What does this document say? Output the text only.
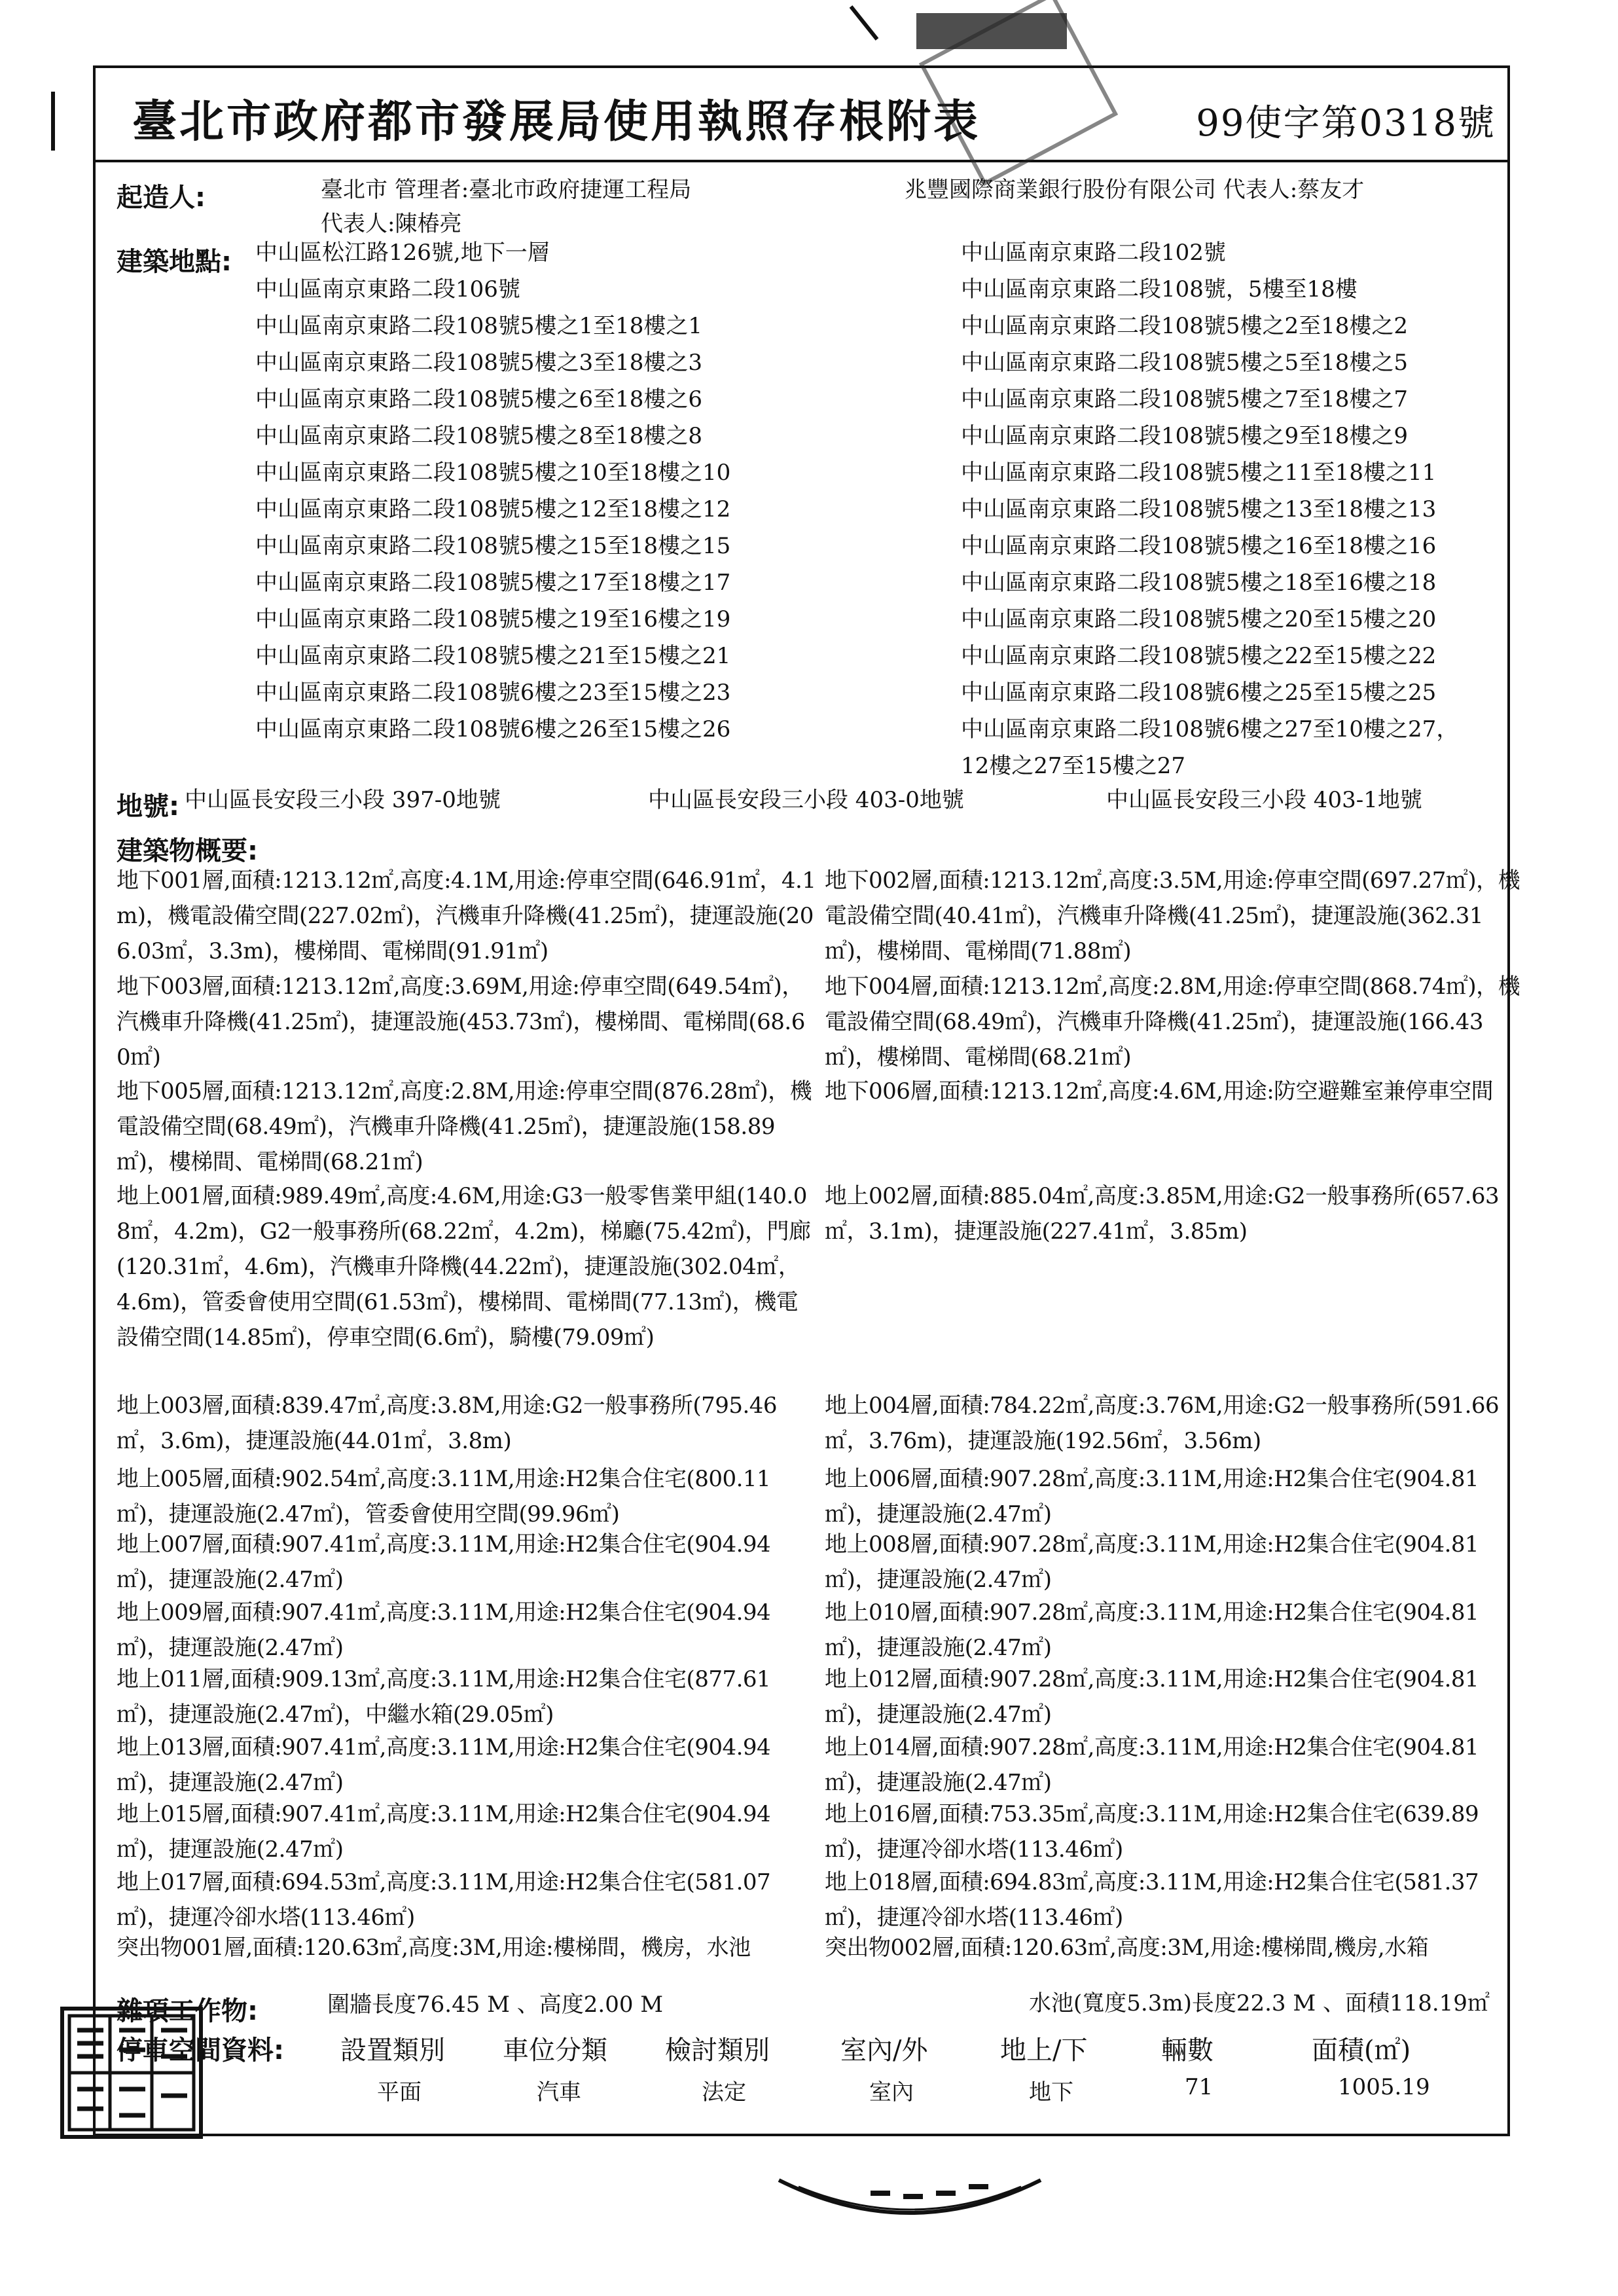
臺北市政府都市發展局使用執照存根附表	99使字第0318號
起造人:	臺北市 管理者:臺北市政府捷運工程局
代表人:陳椿亮
兆豐國際商業銀行股份有限公司 代表人:蔡友才
建築地點: 中山區松江路126號,地下一層
中山區南京東路二段106號
中山區南京東路二段108號5樓之1至18樓之1
中山區南京東路二段108號5樓之3至18樓之3
中山區南京東路二段108號5樓之6至18樓之6
中山區南京東路二段108號5樓之8至18樓之8
中山區南京東路二段108號5樓之10至18樓之10
中山區南京東路二段108號5樓之12至18樓之12
中山區南京東路二段108號5樓之15至18樓之15
中山區南京東路二段108號5樓之17至18樓之17
中山區南京東路二段108號5樓之19至16樓之19
中山區南京東路二段108號5樓之21至15樓之21
中山區南京東路二段108號6樓之23至15樓之23
中山區南京東路二段108號6樓之26至15樓之26
中山區南京東路二段102號
中山區南京東路二段108號，5樓至18樓
中山區南京東路二段108號5樓之2至18樓之2
中山區南京東路二段108號5樓之5至18樓之5
中山區南京東路二段108號5樓之7至18樓之7
中山區南京東路二段108號5樓之9至18樓之9
中山區南京東路二段108號5樓之11至18樓之11
中山區南京東路二段108號5樓之13至18樓之13
中山區南京東路二段108號5樓之16至18樓之16
中山區南京東路二段108號5樓之18至16樓之18
中山區南京東路二段108號5樓之20至15樓之20
中山區南京東路二段108號5樓之22至15樓之22
中山區南京東路二段108號6樓之25至15樓之25
中山區南京東路二段108號6樓之27至10樓之27，
12樓之27至15樓之27
地號: 中山區長安段三小段 397-0地號	中山區長安段三小段 403-0地號	中山區長安段三小段 403-1地號
建築物概要:
地下001層,面積:1213.12㎡,高度:4.1M,用途:停車空間(646.91㎡，4.1m)，機電設備空間(227.02㎡)，汽機車升降機(41.25㎡)，捷運設施(206.03㎡，3.3m)，樓梯間、電梯間(91.91㎡)
地下002層,面積:1213.12㎡,高度:3.5M,用途:停車空間(697.27㎡)，機電設備空間(40.41㎡)，汽機車升降機(41.25㎡)，捷運設施(362.31㎡)，樓梯間、電梯間(71.88㎡)
地下003層,面積:1213.12㎡,高度:3.69M,用途:停車空間(649.54㎡)，汽機車升降機(41.25㎡)，捷運設施(453.73㎡)，樓梯間、電梯間(68.60㎡)
地下004層,面積:1213.12㎡,高度:2.8M,用途:停車空間(868.74㎡)，機電設備空間(68.49㎡)，汽機車升降機(41.25㎡)，捷運設施(166.43㎡)，樓梯間、電梯間(68.21㎡)
地下005層,面積:1213.12㎡,高度:2.8M,用途:停車空間(876.28㎡)，機電設備空間(68.49㎡)，汽機車升降機(41.25㎡)，捷運設施(158.89㎡)，樓梯間、電梯間(68.21㎡)
地下006層,面積:1213.12㎡,高度:4.6M,用途:防空避難室兼停車空間
地上001層,面積:989.49㎡,高度:4.6M,用途:G3一般零售業甲組(140.08㎡，4.2m)，G2一般事務所(68.22㎡，4.2m)，梯廳(75.42㎡)，門廊(120.31㎡，4.6m)，汽機車升降機(44.22㎡)，捷運設施(302.04㎡，4.6m)，管委會使用空間(61.53㎡)，樓梯間、電梯間(77.13㎡)，機電設備空間(14.85㎡)，停車空間(6.6㎡)，騎樓(79.09㎡)
地上002層,面積:885.04㎡,高度:3.85M,用途:G2一般事務所(657.63㎡，3.1m)，捷運設施(227.41㎡，3.85m)
地上003層,面積:839.47㎡,高度:3.8M,用途:G2一般事務所(795.46㎡，3.6m)，捷運設施(44.01㎡，3.8m)
地上004層,面積:784.22㎡,高度:3.76M,用途:G2一般事務所(591.66㎡，3.76m)，捷運設施(192.56㎡，3.56m)
地上005層,面積:902.54㎡,高度:3.11M,用途:H2集合住宅(800.11㎡)，捷運設施(2.47㎡)，管委會使用空間(99.96㎡)
地上006層,面積:907.28㎡,高度:3.11M,用途:H2集合住宅(904.81㎡)，捷運設施(2.47㎡)
地上007層,面積:907.41㎡,高度:3.11M,用途:H2集合住宅(904.94㎡)，捷運設施(2.47㎡)
地上008層,面積:907.28㎡,高度:3.11M,用途:H2集合住宅(904.81㎡)，捷運設施(2.47㎡)
地上009層,面積:907.41㎡,高度:3.11M,用途:H2集合住宅(904.94㎡)，捷運設施(2.47㎡)
地上010層,面積:907.28㎡,高度:3.11M,用途:H2集合住宅(904.81㎡)，捷運設施(2.47㎡)
地上011層,面積:909.13㎡,高度:3.11M,用途:H2集合住宅(877.61㎡)，捷運設施(2.47㎡)，中繼水箱(29.05㎡)
地上012層,面積:907.28㎡,高度:3.11M,用途:H2集合住宅(904.81㎡)，捷運設施(2.47㎡)
地上013層,面積:907.41㎡,高度:3.11M,用途:H2集合住宅(904.94㎡)，捷運設施(2.47㎡)
地上014層,面積:907.28㎡,高度:3.11M,用途:H2集合住宅(904.81㎡)，捷運設施(2.47㎡)
地上015層,面積:907.41㎡,高度:3.11M,用途:H2集合住宅(904.94㎡)，捷運設施(2.47㎡)
地上016層,面積:753.35㎡,高度:3.11M,用途:H2集合住宅(639.89㎡)，捷運冷卻水塔(113.46㎡)
地上017層,面積:694.53㎡,高度:3.11M,用途:H2集合住宅(581.07㎡)，捷運冷卻水塔(113.46㎡)
地上018層,面積:694.83㎡,高度:3.11M,用途:H2集合住宅(581.37㎡)，捷運冷卻水塔(113.46㎡)
突出物001層,面積:120.63㎡,高度:3M,用途:樓梯間，機房，水池	突出物002層,面積:120.63㎡,高度:3M,用途:樓梯間,機房,水箱
雜項工作物:	圍牆長度76.45 M 、高度2.00 M	水池(寬度5.3m)長度22.3 M 、面積118.19㎡
停車空間資料: 設置類別 車位分類 檢討類別	室內/外	地上/下	輛數	面積(㎡)
平面	汽車	法定	室內	地下	71	1005.19
